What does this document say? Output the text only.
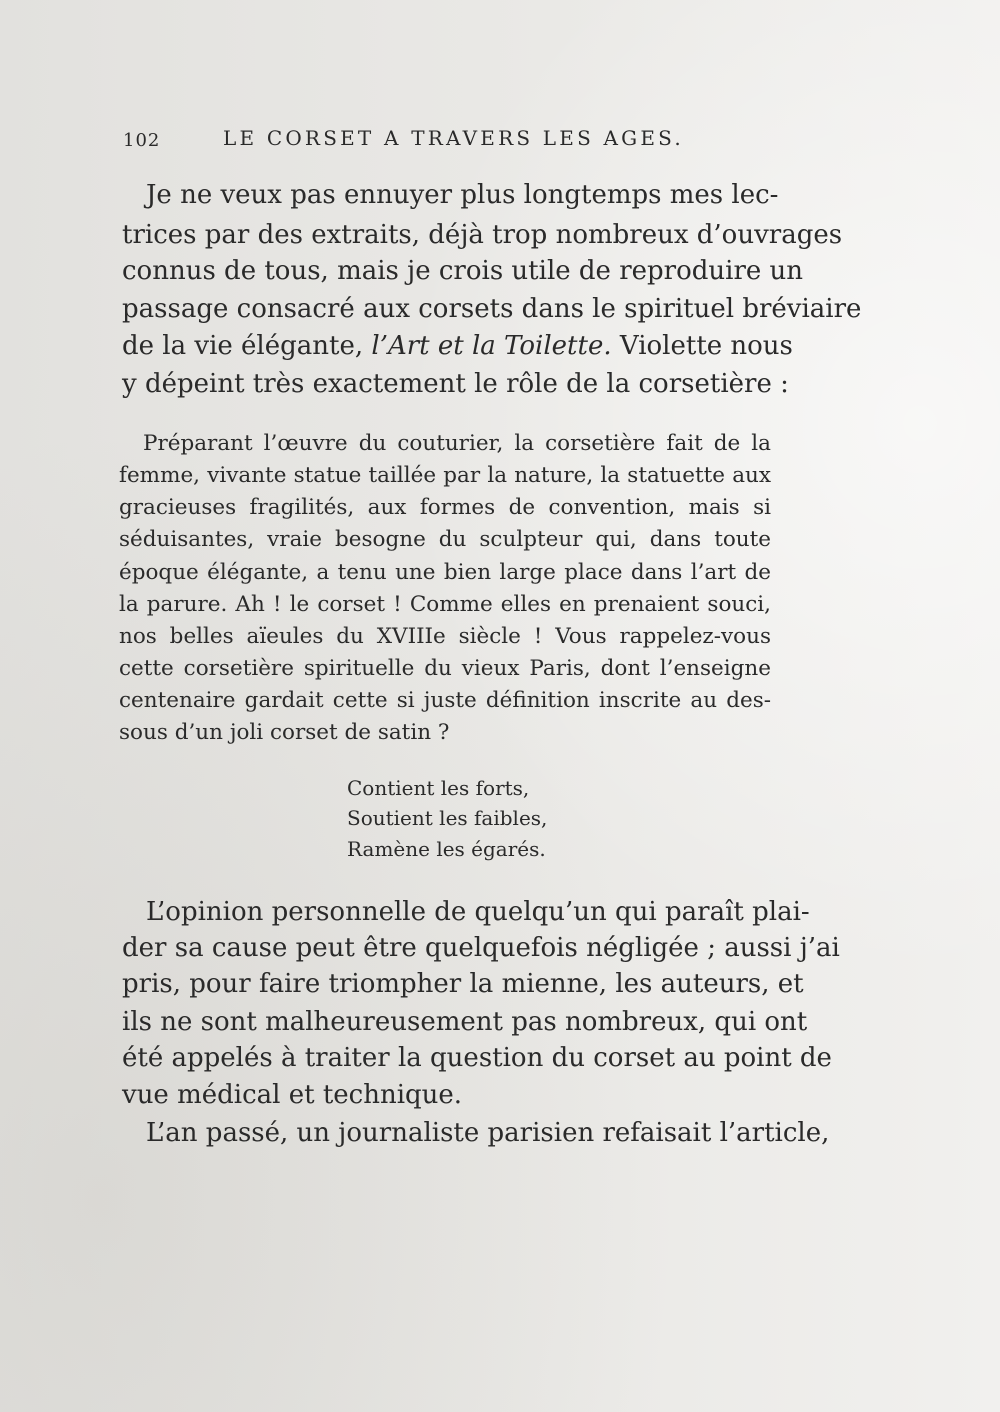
102	LE CORSET A TRAVERS LES AGES.

Je ne veux pas ennuyer plus longtemps mes lec-

trices par des extraits, déjà trop nombreux d’ouvrages

connus de tous, mais je crois utile de reproduire un

passage consacré aux corsets dans le spirituel bréviaire

de la vie élégante, l’Art et la Toilette. Violette nous

y dépeint très exactement le rôle de la corsetière :

Préparant l’œuvre du couturier, la corsetière fait de la

femme, vivante statue taillée par la nature, la statuette aux

gracieuses fragilités, aux formes de convention, mais si

séduisantes, vraie besogne du sculpteur qui, dans toute

époque élégante, a tenu une bien large place dans l’art de

la parure. Ah ! le corset ! Comme elles en prenaient souci,

nos belles aïeules du XVIIIe siècle ! Vous rappelez-vous

cette corsetière spirituelle du vieux Paris, dont l’enseigne

centenaire gardait cette si juste définition inscrite au des-

sous d’un joli corset de satin ?

Contient les forts,

Soutient les faibles,

Ramène les égarés.

L’opinion personnelle de quelqu’un qui paraît plai-

der sa cause peut être quelquefois négligée ; aussi j’ai

pris, pour faire triompher la mienne, les auteurs, et

ils ne sont malheureusement pas nombreux, qui ont

été appelés à traiter la question du corset au point de

vue médical et technique.

L’an passé, un journaliste parisien refaisait l’article,
